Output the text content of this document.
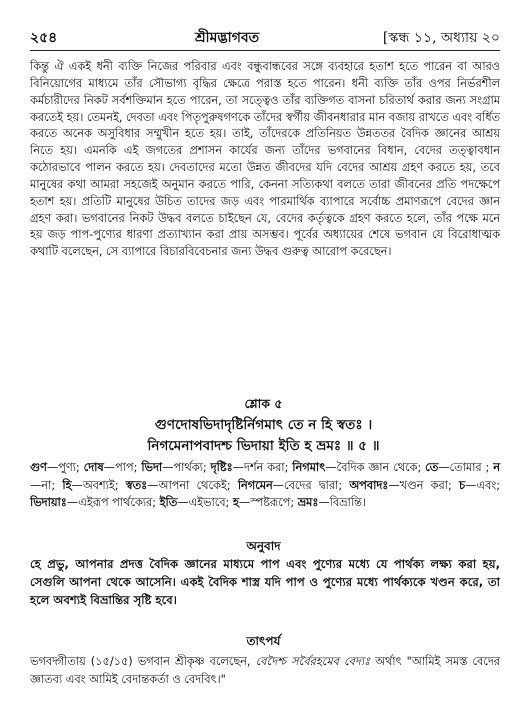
২৫৪	শ্রীমদ্ভাগবত	[স্কন্ধ ১১, অধ্যায় ২০

কিন্তু ঐ একই ধনী ব্যক্তি নিজের পরিবার এবং বন্ধুবান্ধবের সঙ্গে ব্যবহারে হতাশ হতে পারেন বা আরও বিনিয়োগের মাধ্যমে তাঁর সৌভাগ্য বৃদ্ধির ক্ষেত্রে পরাস্ত হতে পারেন। ধনী ব্যক্তি তাঁর ওপর নির্ভরশীল কর্মচারীদের নিকট সর্বশক্তিমান হতে পারেন, তা সত্ত্বেও তাঁর ব্যক্তিগত বাসনা চরিতার্থ করার জন্য সংগ্রাম করতেই হয়। তেমনই, দেবতা এবং পিতৃপুরুষগণকে তাঁদের স্বর্গীয় জীবনধারার মান বজায় রাখতে এবং বর্ধিত করতে অনেক অসুবিধার সম্মুখীন হতে হয়। তাই, তাঁদেরকে প্রতিনিয়ত উন্নততর বৈদিক জ্ঞানের আশ্রয় নিতে হয়। এমনকি এই জগতের প্রশাসন কার্যের জন্য তাঁদের ভগবানের বিধান, বেদের তত্ত্বাবধান কঠোরভাবে পালন করতে হয়। দেবতাদের মতো উন্নত জীবদের যদি বেদের আশ্রয় গ্রহণ করতে হয়, তবে মানুষের কথা আমরা সহজেই অনুমান করতে পারি, কেননা সত্যিকথা বলতে তারা জীবনের প্রতি পদক্ষেপে হতাশ হয়। প্রতিটি মানুষের উচিত তাদের জড় এবং পারমার্থিক ব্যাপারে সর্বোচ্চ প্রমাণরূপে বেদের জ্ঞান গ্রহণ করা। ভগবানের নিকট উদ্ধব বলতে চাইছেন যে, বেদের কর্তৃত্বকে গ্রহণ করতে হলে, তাঁর পক্ষে মনে হয় জড় পাপ-পুণ্যের ধারণা প্রত্যাখ্যান করা প্রায় অসম্ভব। পূর্বের অধ্যায়ের শেষে ভগবান যে বিরোধাত্মক কথাটি বলেছেন, সে ব্যাপারে বিচারবিবেচনার জন্য উদ্ধব গুরুত্ব আরোপ করেছেন।

শ্লোক ৫
গুণদোষভিদাদৃষ্টির্নিগমাৎ তে ন হি স্বতঃ ।
নিগমেনাপবাদশ্চ ভিদায়া ইতি হ ভ্রমঃ ॥ ৫ ॥
গুণ—পুণ্য; দোষ—পাপ; ভিদা—পার্থক্য; দৃষ্টিঃ—দর্শন করা; নিগমাৎ—বৈদিক জ্ঞান থেকে; তে—তোমার ; ন—না; হি—অবশ্যই; স্বতঃ—আপনা থেকেই; নিগমেন—বেদের দ্বারা; অপবাদঃ—খণ্ডন করা; চ—এবং; ভিদায়াঃ—এইরূপ পার্থক্যের; ইতি—এইভাবে; হ—স্পষ্টরূপে; ভ্রমঃ—বিভ্রান্তি।
অনুবাদ
হে প্রভু, আপনার প্রদত্ত বৈদিক জ্ঞানের মাধ্যমে পাপ এবং পুণ্যের মধ্যে যে পার্থক্য লক্ষ্য করা হয়, সেগুলি আপনা থেকে আসেনি। একই বৈদিক শাস্ত্র যদি পাপ ও পুণ্যের মধ্যে পার্থক্যকে খণ্ডন করে, তা হলে অবশ্যই বিভ্রান্তির সৃষ্টি হবে।
তাৎপর্য
ভগবদ্গীতায় (১৫/১৫) ভগবান শ্রীকৃষ্ণ বলেছেন, বেদৈশ্চ সর্বৈরহমেব বেদ্যঃ অর্থাৎ "আমিই সমস্ত বেদের জ্ঞাতব্য এবং আমিই বেদান্তকর্তা ও বেদবিৎ।"
